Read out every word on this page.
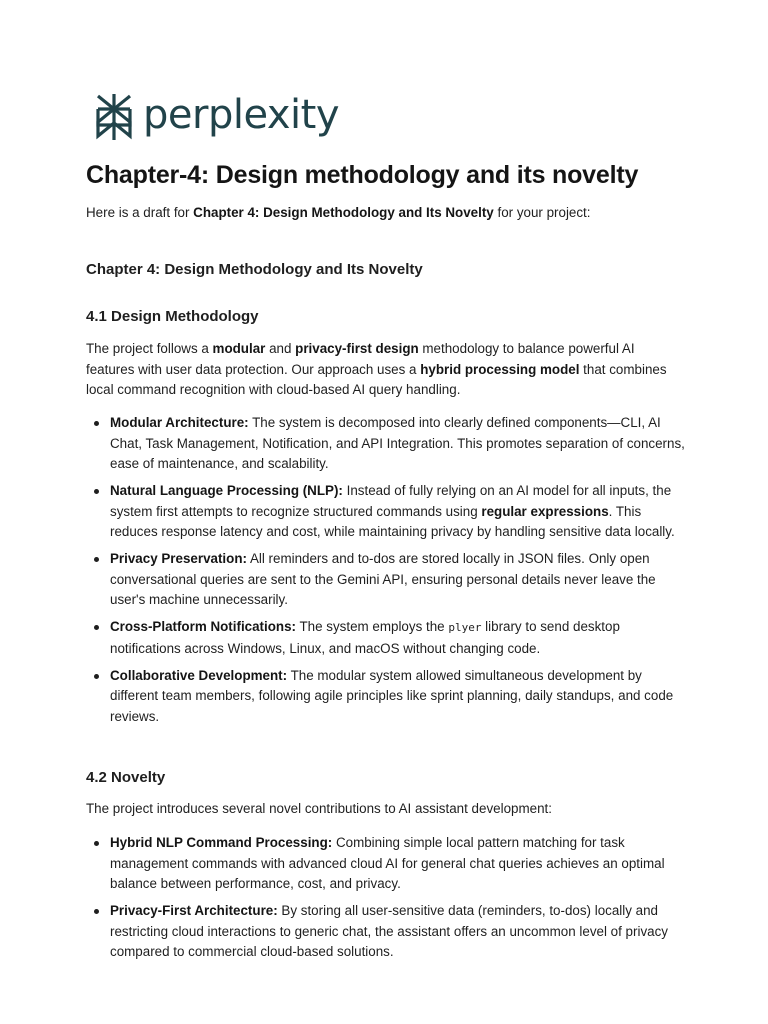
perplexity
Chapter-4: Design methodology and its novelty

Here is a draft for Chapter 4: Design Methodology and Its Novelty for your project:

Chapter 4: Design Methodology and Its Novelty
4.1 Design Methodology

The project follows a modular and privacy-first design methodology to balance powerful AI features with user data protection. Our approach uses a hybrid processing model that combines local command recognition with cloud-based AI query handling.

Modular Architecture: The system is decomposed into clearly defined components—CLI, AI Chat, Task Management, Notification, and API Integration. This promotes separation of concerns, ease of maintenance, and scalability.
Natural Language Processing (NLP): Instead of fully relying on an AI model for all inputs, the system first attempts to recognize structured commands using regular expressions. This reduces response latency and cost, while maintaining privacy by handling sensitive data locally.
Privacy Preservation: All reminders and to-dos are stored locally in JSON files. Only open conversational queries are sent to the Gemini API, ensuring personal details never leave the user's machine unnecessarily.
Cross-Platform Notifications: The system employs the plyer library to send desktop notifications across Windows, Linux, and macOS without changing code.
Collaborative Development: The modular system allowed simultaneous development by different team members, following agile principles like sprint planning, daily standups, and code reviews.
4.2 Novelty

The project introduces several novel contributions to AI assistant development:

Hybrid NLP Command Processing: Combining simple local pattern matching for task management commands with advanced cloud AI for general chat queries achieves an optimal balance between performance, cost, and privacy.
Privacy-First Architecture: By storing all user-sensitive data (reminders, to-dos) locally and restricting cloud interactions to generic chat, the assistant offers an uncommon level of privacy compared to commercial cloud-based solutions.
